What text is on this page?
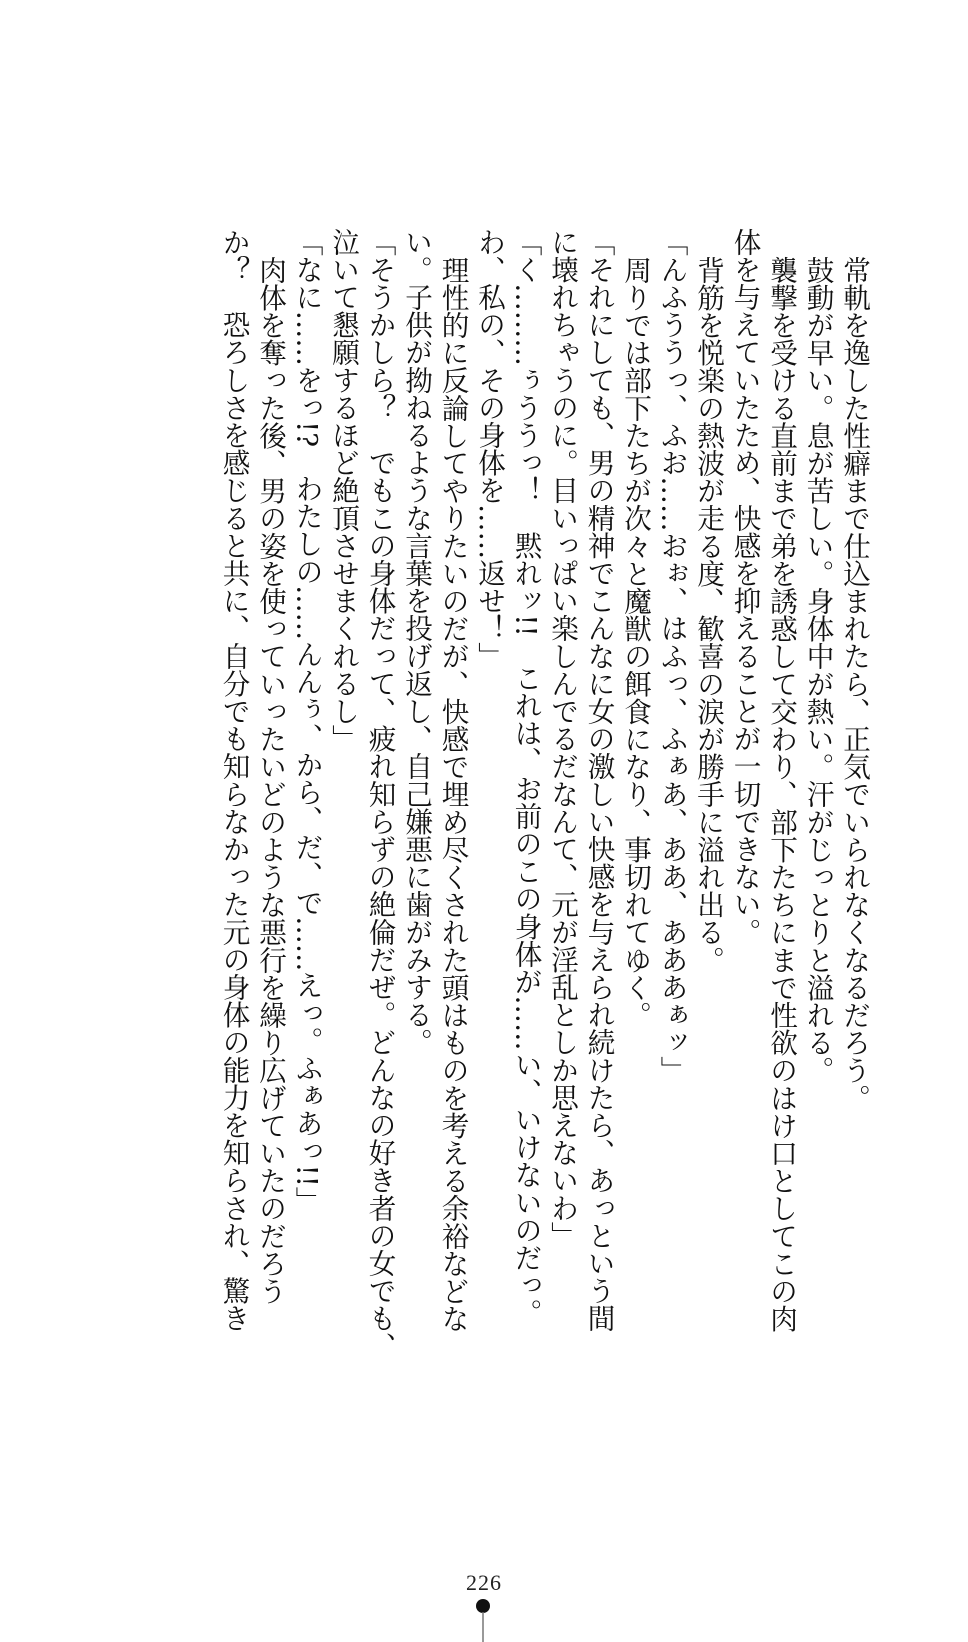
常軌を逸した性癖まで仕込まれたら、正気でいられなくなるだろう。

鼓動が早い。息が苦しい。身体中が熱い。汗がじっとりと溢れる。

襲撃を受ける直前まで弟を誘惑して交わり、部下たちにまで性欲のはけ口としてこの肉

体を与えていたため、快感を抑えることが一切できない。

背筋を悦楽の熱波が走る度、歓喜の涙が勝手に溢れ出る。

「んふううっ、ふお……おぉ、はふっ、ふぁあ、ああ、あああぁッ」

周りでは部下たちが次々と魔獣の餌食になり、事切れてゆく。

「それにしても、男の精神でこんなに女の激しい快感を与えられ続けたら、あっという間

に壊れちゃうのに。目いっぱい楽しんでるだなんて、元が淫乱としか思えないわ」

「く………ぅううっ！　黙れッ!!　これは、お前のこの身体が……い、いけないのだっ。

わ、私の、その身体を……返せ！」

理性的に反論してやりたいのだが、快感で埋め尽くされた頭はものを考える余裕などな

い。子供が拗ねるような言葉を投げ返し、自己嫌悪に歯がみする。

「そうかしら？　でもこの身体だって、疲れ知らずの絶倫だぜ。どんなの好き者の女でも、

泣いて懇願するほど絶頂させまくれるし」

「なに……をっ!?　わたしの……んんぅ、から、だ、で……えっ。ふぁあっ!!」

肉体を奪った後、男の姿を使っていったいどのような悪行を繰り広げていたのだろう

か？　恐ろしさを感じると共に、自分でも知らなかった元の身体の能力を知らされ、驚き

226
